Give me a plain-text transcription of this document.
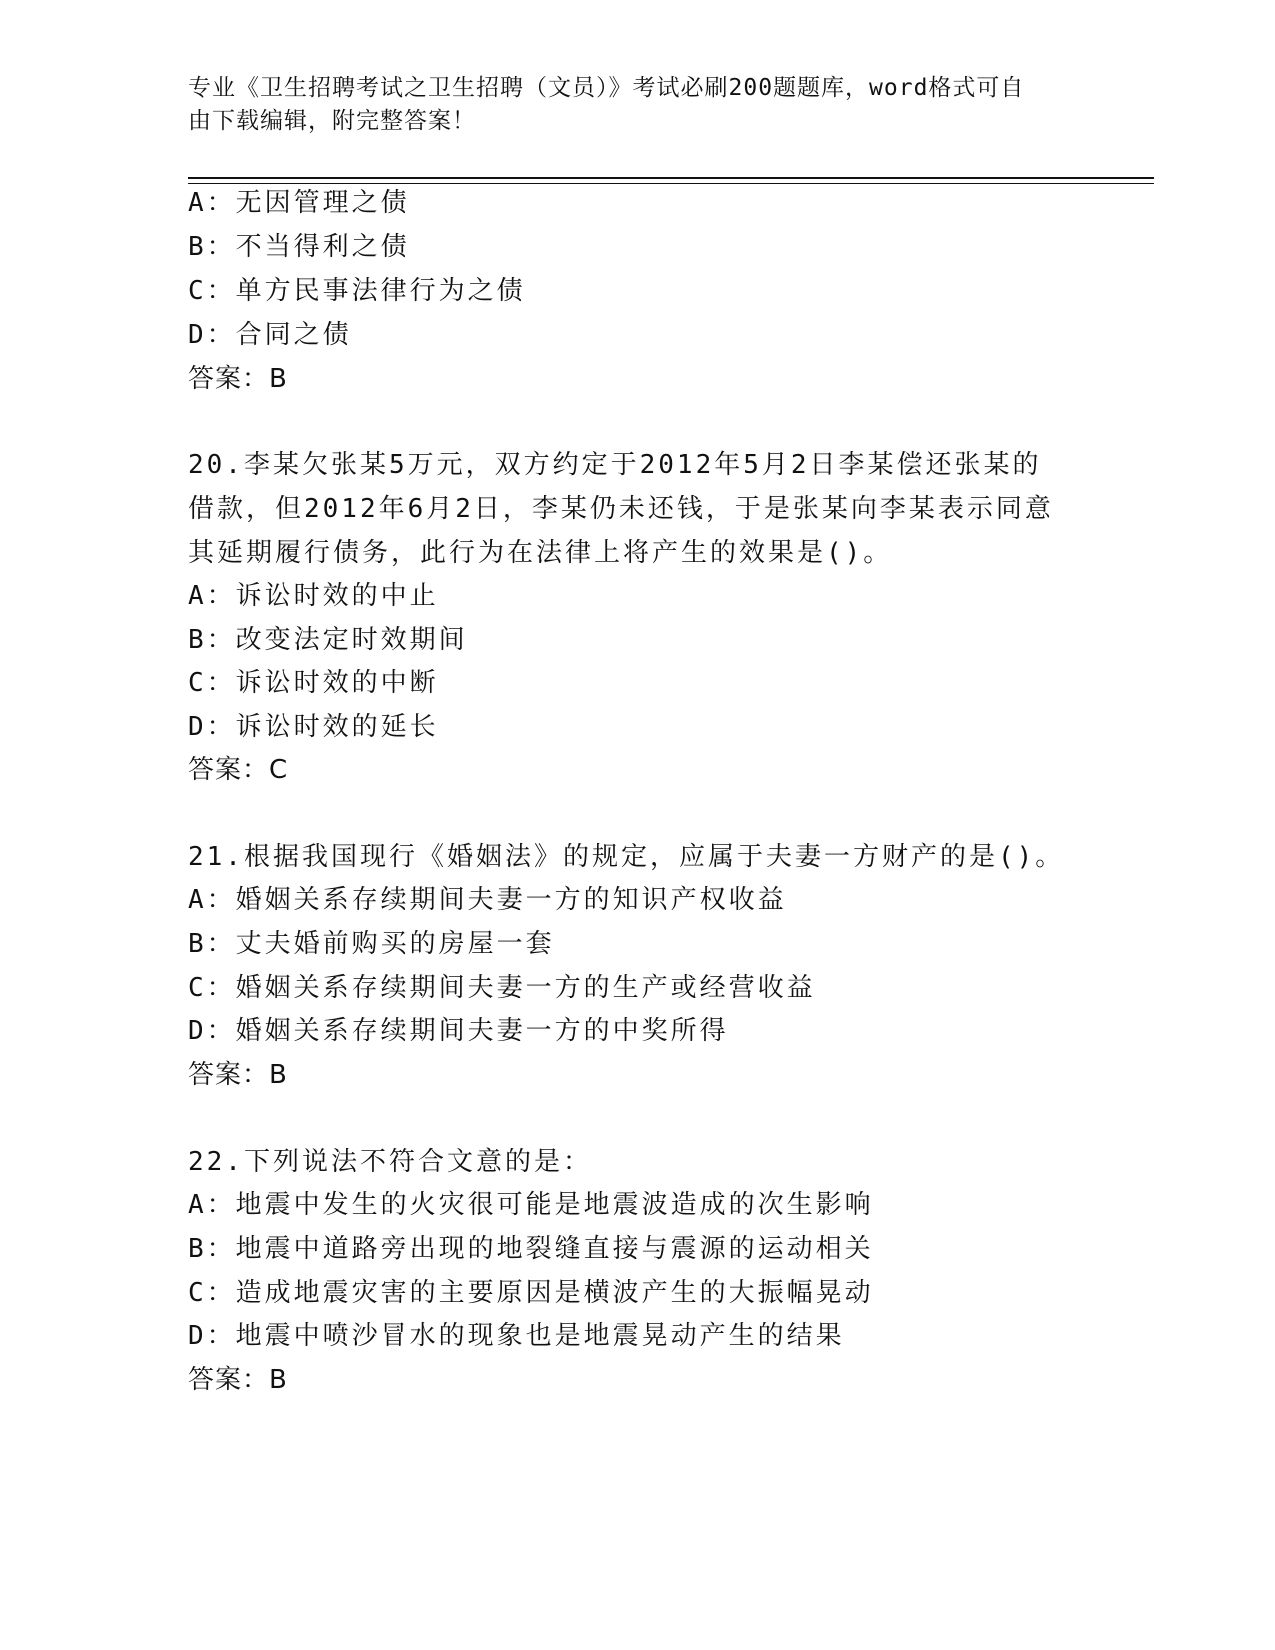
专业《卫生招聘考试之卫生招聘（文员）》考试必刷200题题库，word格式可自
由下载编辑，附完整答案！
A：无因管理之债
B：不当得利之债
C：单方民事法律行为之债
D：合同之债
答案：B
20.李某欠张某5万元，双方约定于2012年5月2日李某偿还张某的
借款，但2012年6月2日，李某仍未还钱，于是张某向李某表示同意
其延期履行债务，此行为在法律上将产生的效果是()。
A：诉讼时效的中止
B：改变法定时效期间
C：诉讼时效的中断
D：诉讼时效的延长
答案：C
21.根据我国现行《婚姻法》的规定，应属于夫妻一方财产的是()。
A：婚姻关系存续期间夫妻一方的知识产权收益
B：丈夫婚前购买的房屋一套
C：婚姻关系存续期间夫妻一方的生产或经营收益
D：婚姻关系存续期间夫妻一方的中奖所得
答案：B
22.下列说法不符合文意的是：
A：地震中发生的火灾很可能是地震波造成的次生影响
B：地震中道路旁出现的地裂缝直接与震源的运动相关
C：造成地震灾害的主要原因是横波产生的大振幅晃动
D：地震中喷沙冒水的现象也是地震晃动产生的结果
答案：B
